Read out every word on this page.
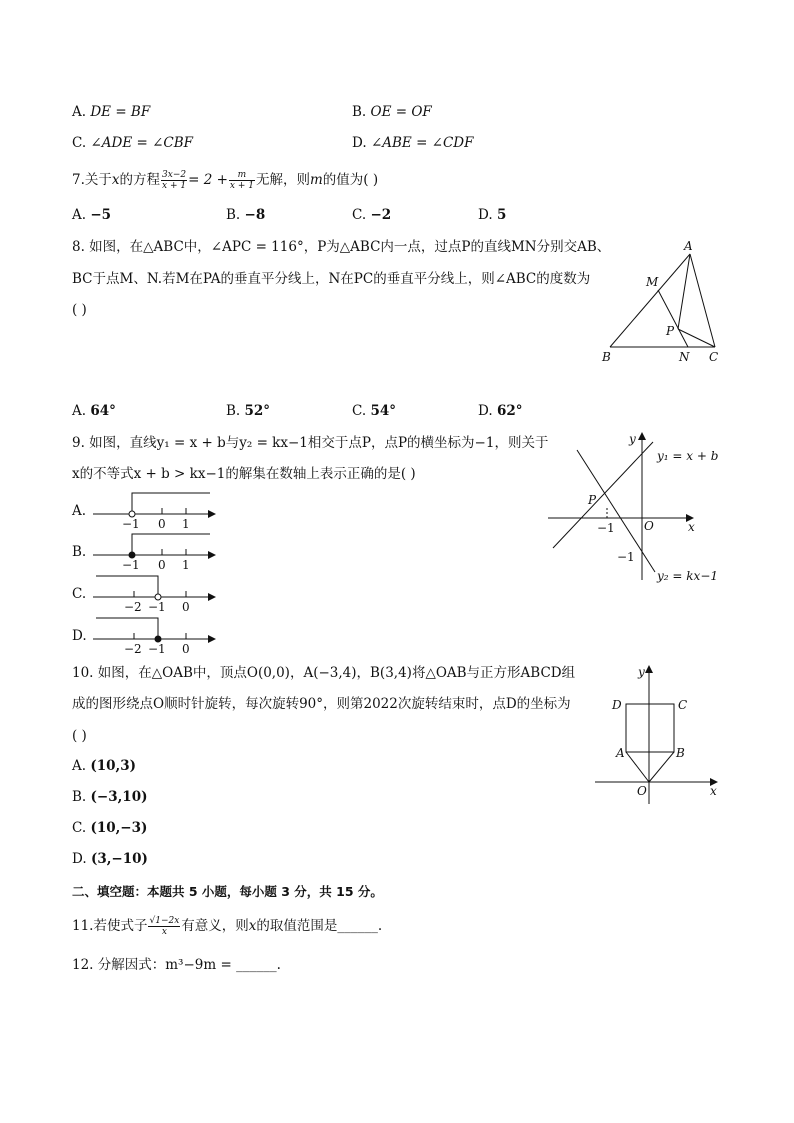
A. DE = BF	B. OE = OF
C. ∠ADE = ∠CBF	D. ∠ABE = ∠CDF
7.关于x的方程 $\frac{3x-2}{x + 1} = 2 + \frac{m}{x + 1}$ 无解，则m的值为( )
A. −5	B. −8	C. −2	D. 5
8. 如图，在△ABC中，∠APC = 116°，P为△ABC内一点，过点P的直线MN分别交AB、
BC于点M、N.若M在PA的垂直平分线上，N在PC的垂直平分线上，则∠ABC的度数为
( )
A
B	C
M
N
P
A. 64°	B. 52°	C. 54°	D. 62°
9. 如图，直线y₁ = x + b与y₂ = kx−1相交于点P，点P的横坐标为−1，则关于
x的不等式x + b > kx−1的解集在数轴上表示正确的是( )
y
x
O
P
−1
−1
y₁ = x + b
y₂ = kx−1
A.
−1 0 1
B.
−1 0 1
C.
−2 −1 0
D.
−2 −1 0
10. 如图，在△OAB中，顶点O(0,0)，A(−3,4)，B(3,4)将△OAB与正方形ABCD组
成的图形绕点O顺时针旋转，每次旋转90°，则第2022次旋转结束时，点D的坐标为
( )
y
x
O
A	B
C
D
A. (10,3)
B. (−3,10)
C. (10,−3)
D. (3,−10)
二、填空题：本题共 5 小题，每小题 3 分，共 15 分。
11.若使式子 $\frac{√1-2x}{x}$ 有意义，则x的取值范围是______.
12. 分解因式：m³−9m = ______.
